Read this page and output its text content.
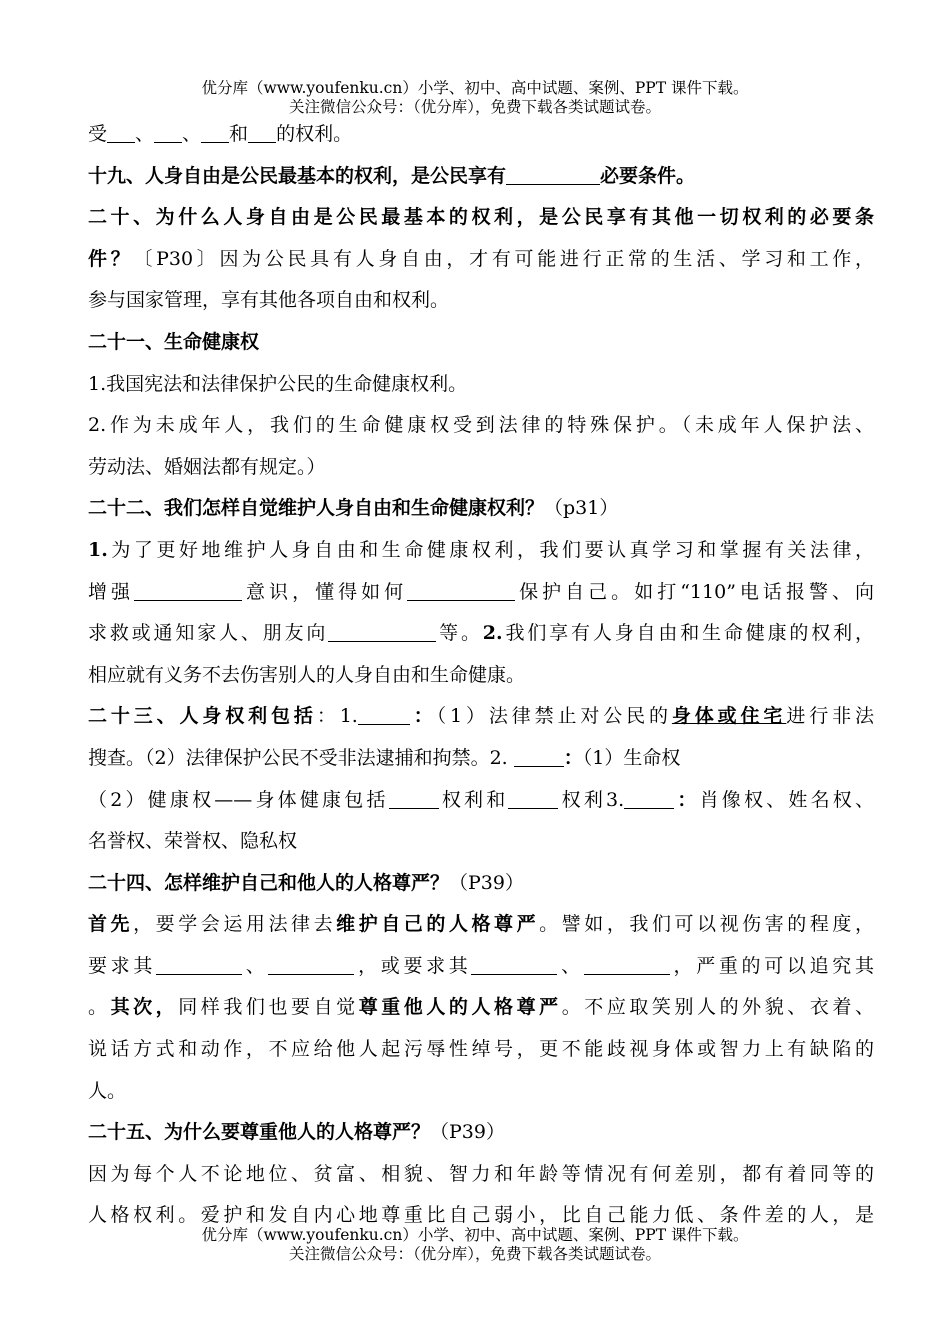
优分库（www.youfenku.cn）小学、初中、高中试题、案例、PPT 课件下载。
关注微信公众号：（优分库），免费下载各类试题试卷。
受 、 、 和 的权利。
十九、人身自由是公民最基本的权利，是公民享有	必要条件。
二十、为什么人身自由是公民最基本的权利，是公民享有其他一切权利的必要条
件？〔P30〕因为公民具有人身自由，才有可能进行正常的生活、学习和工作，
参与国家管理，享有其他各项自由和权利。
二十一、生命健康权
1.我国宪法和法律保护公民的生命健康权利。
2.作为未成年人，我们的生命健康权受到法律的特殊保护。（未成年人保护法、
劳动法、婚姻法都有规定。）
二十二、我们怎样自觉维护人身自由和生命健康权利？（p31）
1.为了更好地维护人身自由和生命健康权利，我们要认真学习和掌握有关法律，
增强	意识，懂得如何	保护自己。如打“110”电话报警、向
求救或通知家人、朋友向	等。2.我们享有人身自由和生命健康的权利，
相应就有义务不去伤害别人的人身自由和生命健康。
二十三、人身权利包括：1.	：（1）法律禁止对公民的身体或住宅进行非法
搜查。（2）法律保护公民不受非法逮捕和拘禁。2.	：（1）生命权
（2）健康权——身体健康包括	权利和	权利3.	：肖像权、姓名权、
名誉权、荣誉权、隐私权
二十四、怎样维护自己和他人的人格尊严？（P39）
首先，要学会运用法律去维护自己的人格尊严。譬如，我们可以视伤害的程度，
要求其	、	，或要求其	、	，严重的可以追究其
。其次，同样我们也要自觉尊重他人的人格尊严。不应取笑别人的外貌、衣着、
说话方式和动作，不应给他人起污辱性绰号，更不能歧视身体或智力上有缺陷的
人。
二十五、为什么要尊重他人的人格尊严？（P39）
因为每个人不论地位、贫富、相貌、智力和年龄等情况有何差别，都有着同等的
人格权利。爱护和发自内心地尊重比自己弱小，比自己能力低、条件差的人，是
优分库（www.youfenku.cn）小学、初中、高中试题、案例、PPT 课件下载。
关注微信公众号：（优分库），免费下载各类试题试卷。
